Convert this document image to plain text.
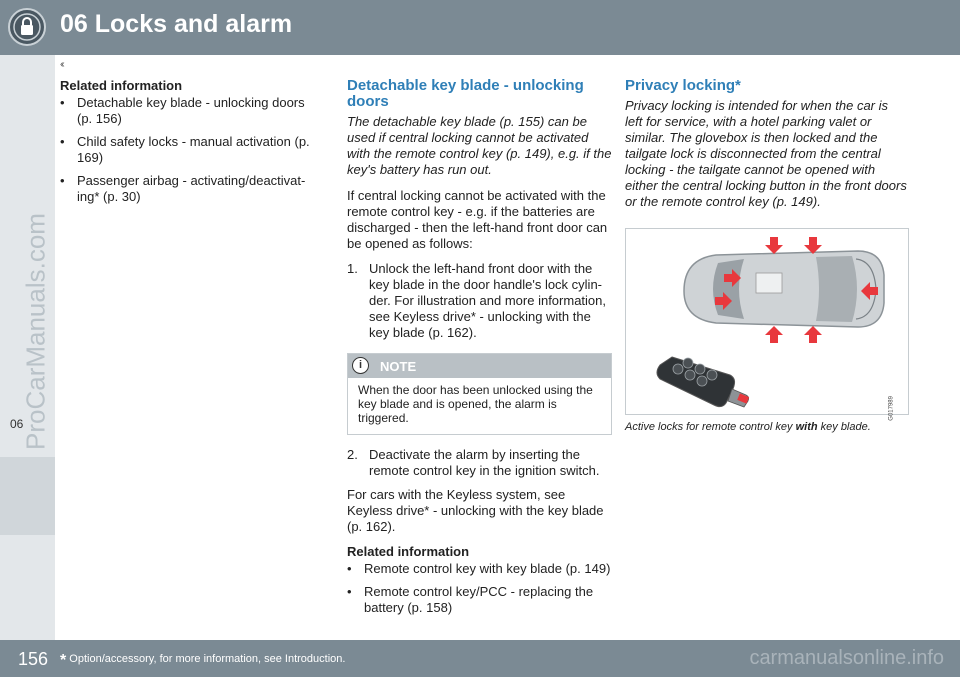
06 Locks and alarm
06
ProCarManuals.com
‹‹
Related information
• Detachable key blade - unlocking doors (p. 156)
• Child safety locks - manual activation (p. 169)
• Passenger airbag - activating/deactivat-ing* (p. 30)
Detachable key blade - unlocking doors

The detachable key blade (p. 155) can be used if central locking cannot be activated with the remote control key (p. 149), e.g. if the key's battery has run out.

If central locking cannot be activated with the remote control key - e.g. if the batteries are discharged - then the left-hand front door can be opened as follows:

1. Unlock the left-hand front door with the key blade in the door handle's lock cylin-der. For illustration and more information, see Keyless drive* - unlocking with the key blade (p. 162).
i	NOTE
When the door has been unlocked using the key blade and is opened, the alarm is triggered.
2. Deactivate the alarm by inserting the remote control key in the ignition switch.

For cars with the Keyless system, see Keyless drive* - unlocking with the key blade (p. 162).

Related information
• Remote control key with key blade (p. 149)
• Remote control key/PCC - replacing the battery (p. 158)
Privacy locking*

Privacy locking is intended for when the car is left for service, with a hotel parking valet or similar. The glovebox is then locked and the tailgate lock is disconnected from the central locking - the tailgate cannot be opened with either the central locking button in the front doors or the remote control key (p. 149).

G017989
Active locks for remote control key with key blade.
156 * Option/accessory, for more information, see Introduction.	carmanualsonline.info
